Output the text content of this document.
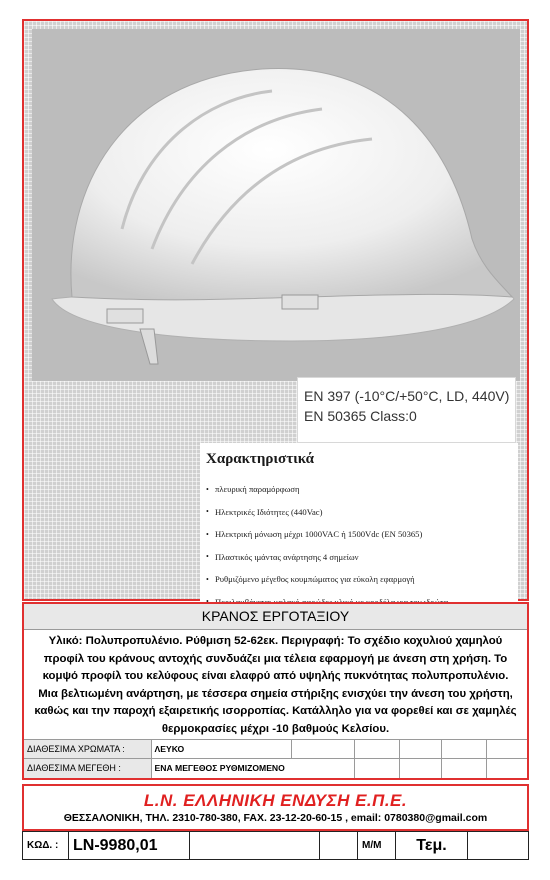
EN 397 (-10°C/+50°C, LD, 440V)
EN 50365 Class:0
Χαρακτηριστικά
• πλευρική παραμόρφωση
• Ηλεκτρικές Ιδιότητες (440Vac)
• Ηλεκτρική μόνωση μέχρι 1000VAC ή 1500Vdc (EN 50365)
• Πλαστικός ιμάντας ανάρτησης 4 σημείων
• Ρυθμιζόμενο μέγεθος κουμπώματος για εύκολη εφαρμογή
ΚΡΑΝΟΣ ΕΡΓΟΤΑΞΙΟΥ
Υλικό: Πολυπροπυλένιο. Ρύθμιση 52-62εκ. Περιγραφή: Το σχέδιο κοχυλιού χαμηλού
προφίλ του κράνους αντοχής συνδυάζει μια τέλεια εφαρμογή με άνεση στη χρήση. Το
κομψό προφίλ του κελύφους είναι ελαφρύ από υψηλής πυκνότητας πολυπροπυλένιο.
Μια βελτιωμένη ανάρτηση, με τέσσερα σημεία στήριξης ενισχύει την άνεση του χρήστη,
καθώς και την παροχή εξαιρετικής ισορροπίας. Κατάλληλο για να φορεθεί και σε χαμηλές
θερμοκρασίες μέχρι -10 βαθμούς Κελσίου.
ΔΙΑΘΕΣΙΜΑ ΧΡΩΜΑΤΑ :	ΛΕΥΚΟ					
ΔΙΑΘΕΣΙΜΑ ΜΕΓΕΘΗ :	ΕΝΑ ΜΕΓΕΘΟΣ ΡΥΘΜΙΖΟΜΕΝΟ					
L.N. ΕΛΛΗΝΙΚΗ ΕΝΔΥΣΗ Ε.Π.Ε.
ΘΕΣΣΑΛΟΝΙΚΗ, ΤΗΛ. 2310-780-380, FAX. 23-12-20-60-15 , email: 0780380@gmail.com
ΚΩΔ. :	LN-9980,01			Μ/Μ	Τεμ.	
